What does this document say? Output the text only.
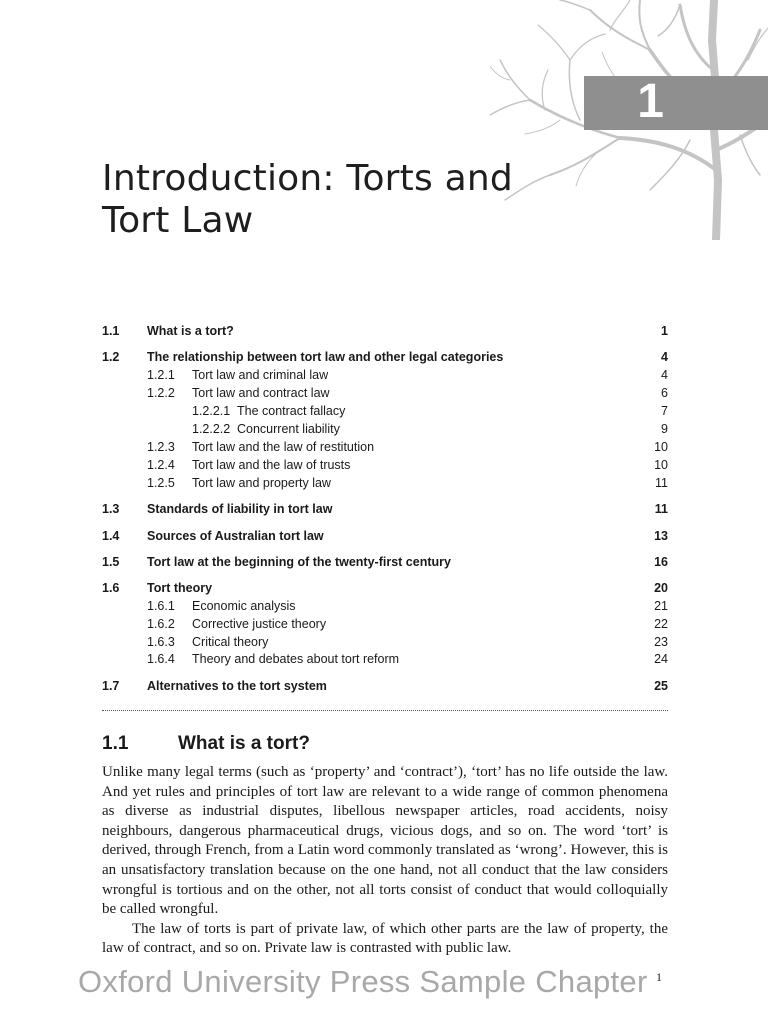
1
Introduction: Torts and
Tort Law
1.1 What is a tort?	1
1.2 The relationship between tort law and other legal categories	4
1.2.1 Tort law and criminal law	4
1.2.2 Tort law and contract law	6
1.2.2.1 The contract fallacy	7
1.2.2.2 Concurrent liability	9
1.2.3 Tort law and the law of restitution	10
1.2.4 Tort law and the law of trusts	10
1.2.5 Tort law and property law	11
1.3 Standards of liability in tort law	11
1.4 Sources of Australian tort law	13
1.5 Tort law at the beginning of the twenty-first century	16
1.6 Tort theory	20
1.6.1 Economic analysis	21
1.6.2 Corrective justice theory	22
1.6.3 Critical theory	23
1.6.4 Theory and debates about tort reform	24
1.7 Alternatives to the tort system	25
1.1	What is a tort?

Unlike many legal terms (such as ‘property’ and ‘contract’), ‘tort’ has no life outside the law. And yet rules and principles of tort law are relevant to a wide range of common phenomena as diverse as industrial disputes, libellous newspaper articles, road accidents, noisy neighbours, dangerous pharmaceutical drugs, vicious dogs, and so on. The word ‘tort’ is derived, through French, from a Latin word commonly translated as ‘wrong’. However, this is an unsatisfactory translation because on the one hand, not all conduct that the law considers wrongful is tortious and on the other, not all torts consist of conduct that would colloquially be called wrongful.

The law of torts is part of private law, of which other parts are the law of property, the law of contract, and so on. Private law is contrasted with public law.

Oxford University Press Sample Chapter 1
